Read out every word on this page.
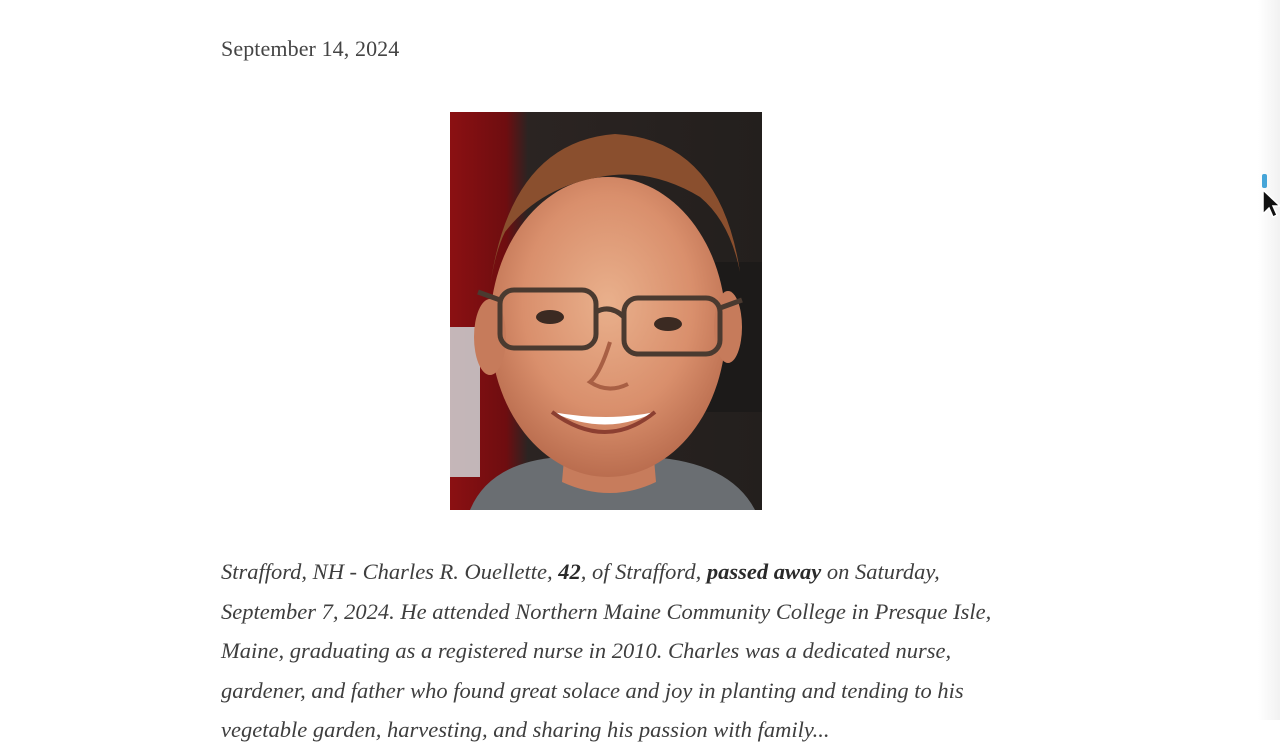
September 14, 2024

Strafford, NH - Charles R. Ouellette, 42, of Strafford, passed away on Saturday, September 7, 2024. He attended Northern Maine Community College in Presque Isle, Maine, graduating as a registered nurse in 2010. Charles was a dedicated nurse, gardener, and father who found great solace and joy in planting and tending to his vegetable garden, harvesting, and sharing his passion with family...
